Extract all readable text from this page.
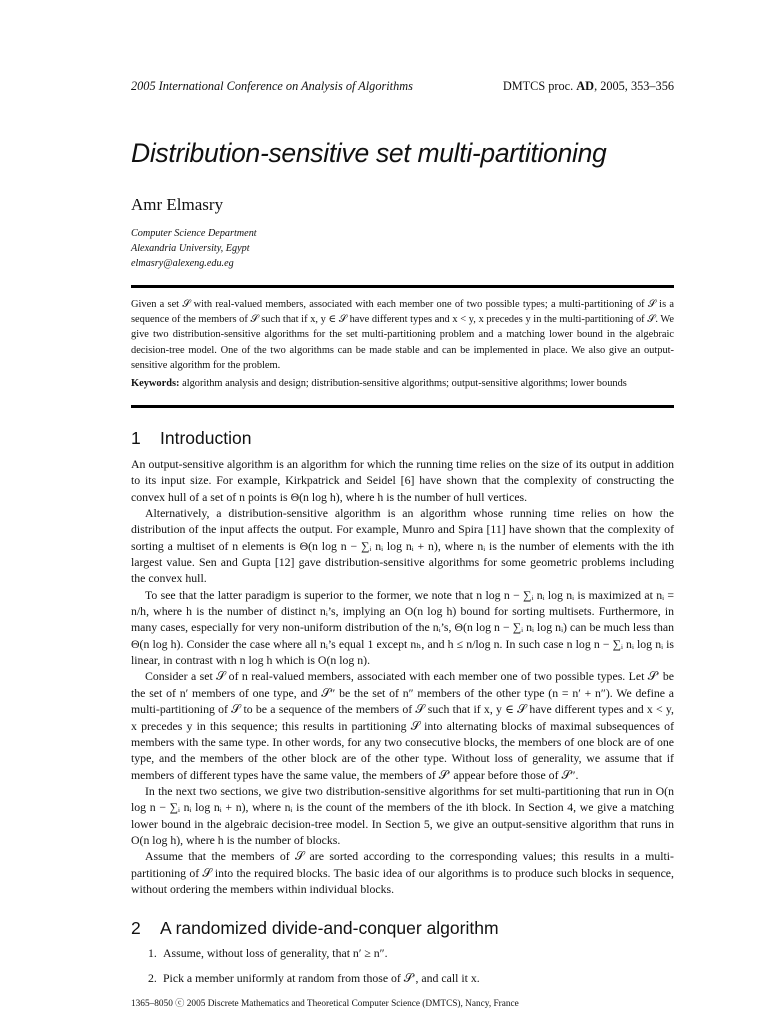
2005 International Conference on Analysis of Algorithms	DMTCS proc. AD, 2005, 353–356
Distribution-sensitive set multi-partitioning
Amr Elmasry
Computer Science Department
Alexandria University, Egypt
elmasry@alexeng.edu.eg
Given a set 𝒮 with real-valued members, associated with each member one of two possible types; a multi-partitioning of 𝒮 is a sequence of the members of 𝒮 such that if x, y ∈ 𝒮 have different types and x < y, x precedes y in the multi-partitioning of 𝒮. We give two distribution-sensitive algorithms for the set multi-partitioning problem and a matching lower bound in the algebraic decision-tree model. One of the two algorithms can be made stable and can be implemented in place. We also give an output-sensitive algorithm for the problem.
Keywords: algorithm analysis and design; distribution-sensitive algorithms; output-sensitive algorithms; lower bounds
1 Introduction

An output-sensitive algorithm is an algorithm for which the running time relies on the size of its output in addition to its input size. For example, Kirkpatrick and Seidel [6] have shown that the complexity of constructing the convex hull of a set of n points is Θ(n log h), where h is the number of hull vertices.

Alternatively, a distribution-sensitive algorithm is an algorithm whose running time relies on how the distribution of the input affects the output. For example, Munro and Spira [11] have shown that the complexity of sorting a multiset of n elements is Θ(n log n − ∑ᵢ nᵢ log nᵢ + n), where nᵢ is the number of elements with the ith largest value. Sen and Gupta [12] gave distribution-sensitive algorithms for some geometric problems including the convex hull.

To see that the latter paradigm is superior to the former, we note that n log n − ∑ᵢ nᵢ log nᵢ is maximized at nᵢ = n/h, where h is the number of distinct nᵢ’s, implying an O(n log h) bound for sorting multisets. Furthermore, in many cases, especially for very non-uniform distribution of the nᵢ’s, Θ(n log n − ∑ᵢ nᵢ log nᵢ) can be much less than Θ(n log h). Consider the case where all nᵢ’s equal 1 except nₕ, and h ≤ n/log n. In such case n log n − ∑ᵢ nᵢ log nᵢ is linear, in contrast with n log h which is O(n log n).

Consider a set 𝒮 of n real-valued members, associated with each member one of two possible types. Let 𝒮′ be the set of n′ members of one type, and 𝒮″ be the set of n″ members of the other type (n = n′ + n″). We define a multi-partitioning of 𝒮 to be a sequence of the members of 𝒮 such that if x, y ∈ 𝒮 have different types and x < y, x precedes y in this sequence; this results in partitioning 𝒮 into alternating blocks of maximal subsequences of members with the same type. In other words, for any two consecutive blocks, the members of one block are of one type, and the members of the other block are of the other type. Without loss of generality, we assume that if members of different types have the same value, the members of 𝒮′ appear before those of 𝒮″.

In the next two sections, we give two distribution-sensitive algorithms for set multi-partitioning that run in O(n log n − ∑ᵢ nᵢ log nᵢ + n), where nᵢ is the count of the members of the ith block. In Section 4, we give a matching lower bound in the algebraic decision-tree model. In Section 5, we give an output-sensitive algorithm that runs in O(n log h), where h is the number of blocks.

Assume that the members of 𝒮 are sorted according to the corresponding values; this results in a multi-partitioning of 𝒮 into the required blocks. The basic idea of our algorithms is to produce such blocks in sequence, without ordering the members within individual blocks.

2 A randomized divide-and-conquer algorithm
1. Assume, without loss of generality, that n′ ≥ n″.
2. Pick a member uniformly at random from those of 𝒮′, and call it x.
1365–8050 ⓒ 2005 Discrete Mathematics and Theoretical Computer Science (DMTCS), Nancy, France
